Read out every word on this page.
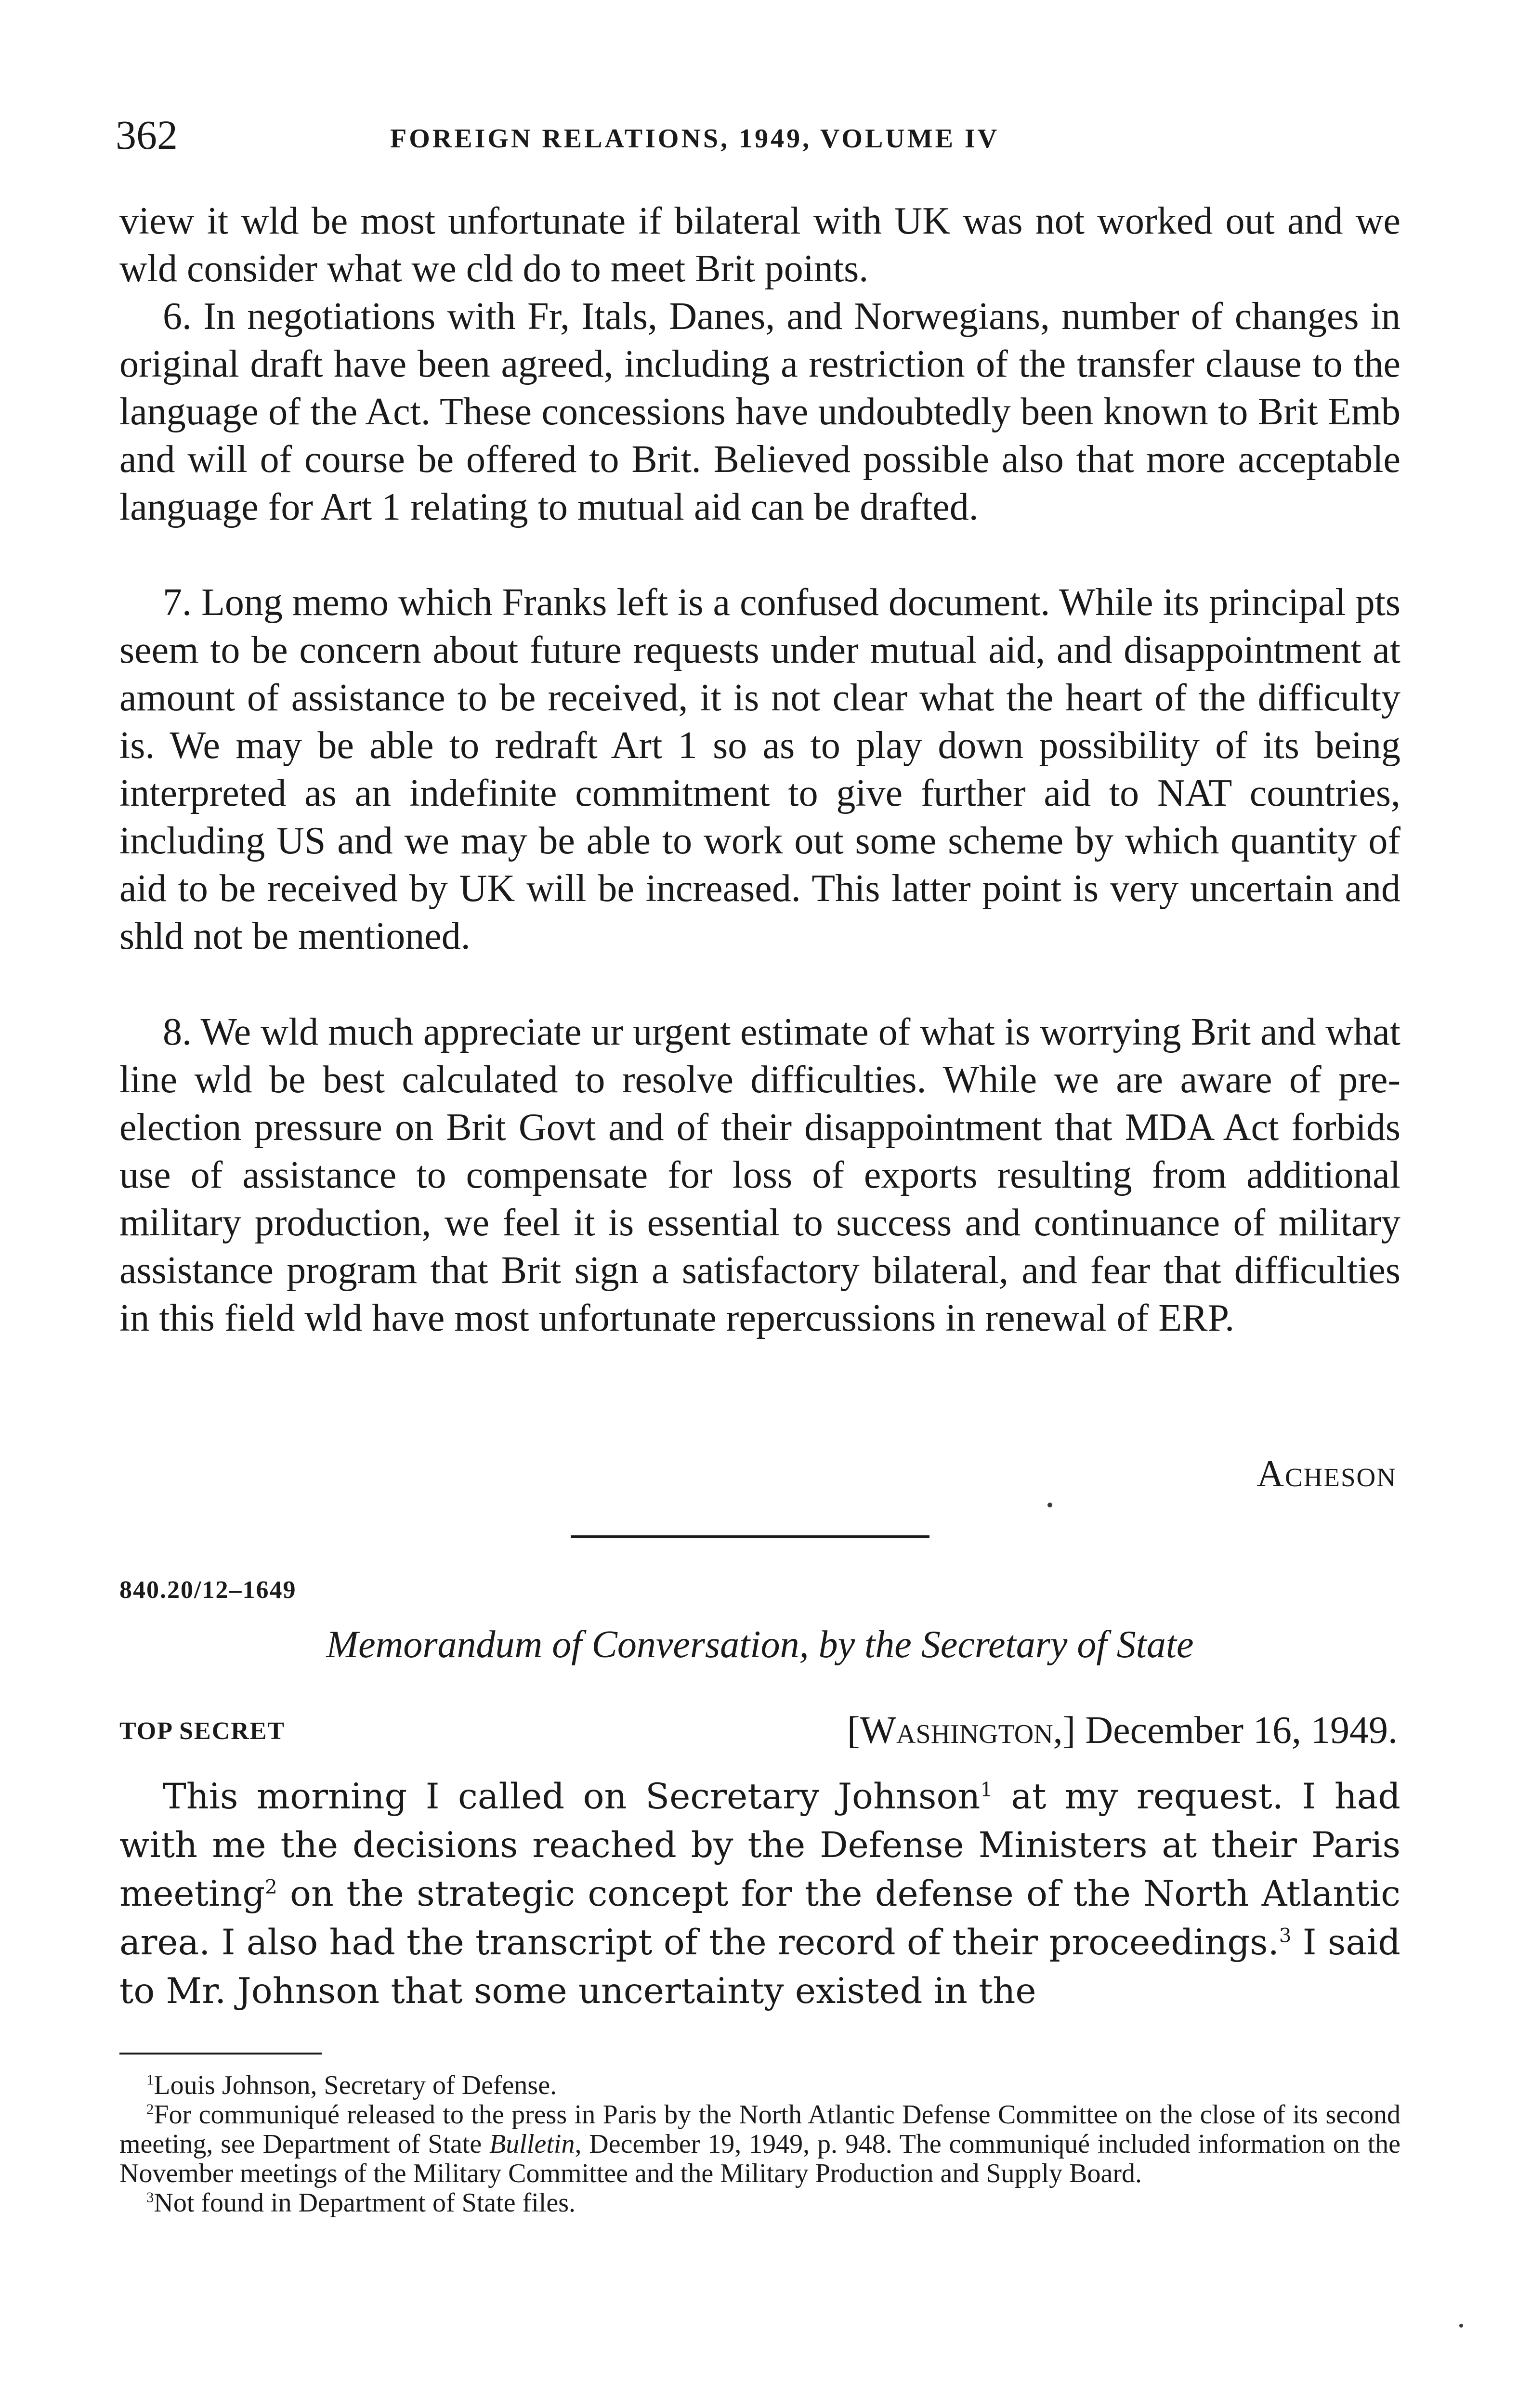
362	FOREIGN RELATIONS, 1949, VOLUME IV

view it wld be most unfortunate if bilateral with UK was not worked out and we wld consider what we cld do to meet Brit points.

6. In negotiations with Fr, Itals, Danes, and Norwegians, number of changes in original draft have been agreed, including a restriction of the transfer clause to the language of the Act. These concessions have undoubtedly been known to Brit Emb and will of course be offered to Brit. Believed possible also that more acceptable language for Art 1 relating to mutual aid can be drafted.

7. Long memo which Franks left is a confused document. While its principal pts seem to be concern about future requests under mutual aid, and disappointment at amount of assistance to be received, it is not clear what the heart of the difficulty is. We may be able to redraft Art 1 so as to play down possibility of its being interpreted as an indefinite commitment to give further aid to NAT countries, including US and we may be able to work out some scheme by which quantity of aid to be received by UK will be increased. This latter point is very uncertain and shld not be mentioned.

8. We wld much appreciate ur urgent estimate of what is worrying Brit and what line wld be best calculated to resolve difficulties. While we are aware of pre-election pressure on Brit Govt and of their disappointment that MDA Act forbids use of assistance to compensate for loss of exports resulting from additional military production, we feel it is essential to success and continuance of military assistance program that Brit sign a satisfactory bilateral, and fear that difficulties in this field wld have most unfortunate repercussions in renewal of ERP.

Acheson
840.20/12–1649
Memorandum of Conversation, by the Secretary of State
TOP SECRET	[Washington,] December 16, 1949.

This morning I called on Secretary Johnson$^1$ at my request. I had with me the decisions reached by the Defense Ministers at their Paris meeting$^2$ on the strategic concept for the defense of the North Atlantic area. I also had the transcript of the record of their proceedings.$^3$ I said to Mr. Johnson that some uncertainty existed in the

$^1$Louis Johnson, Secretary of Defense.

$^2$For communiqué released to the press in Paris by the North Atlantic Defense Committee on the close of its second meeting, see Department of State Bulletin, December 19, 1949, p. 948. The communiqué included information on the November meetings of the Military Committee and the Military Production and Supply Board.

$^3$Not found in Department of State files.
